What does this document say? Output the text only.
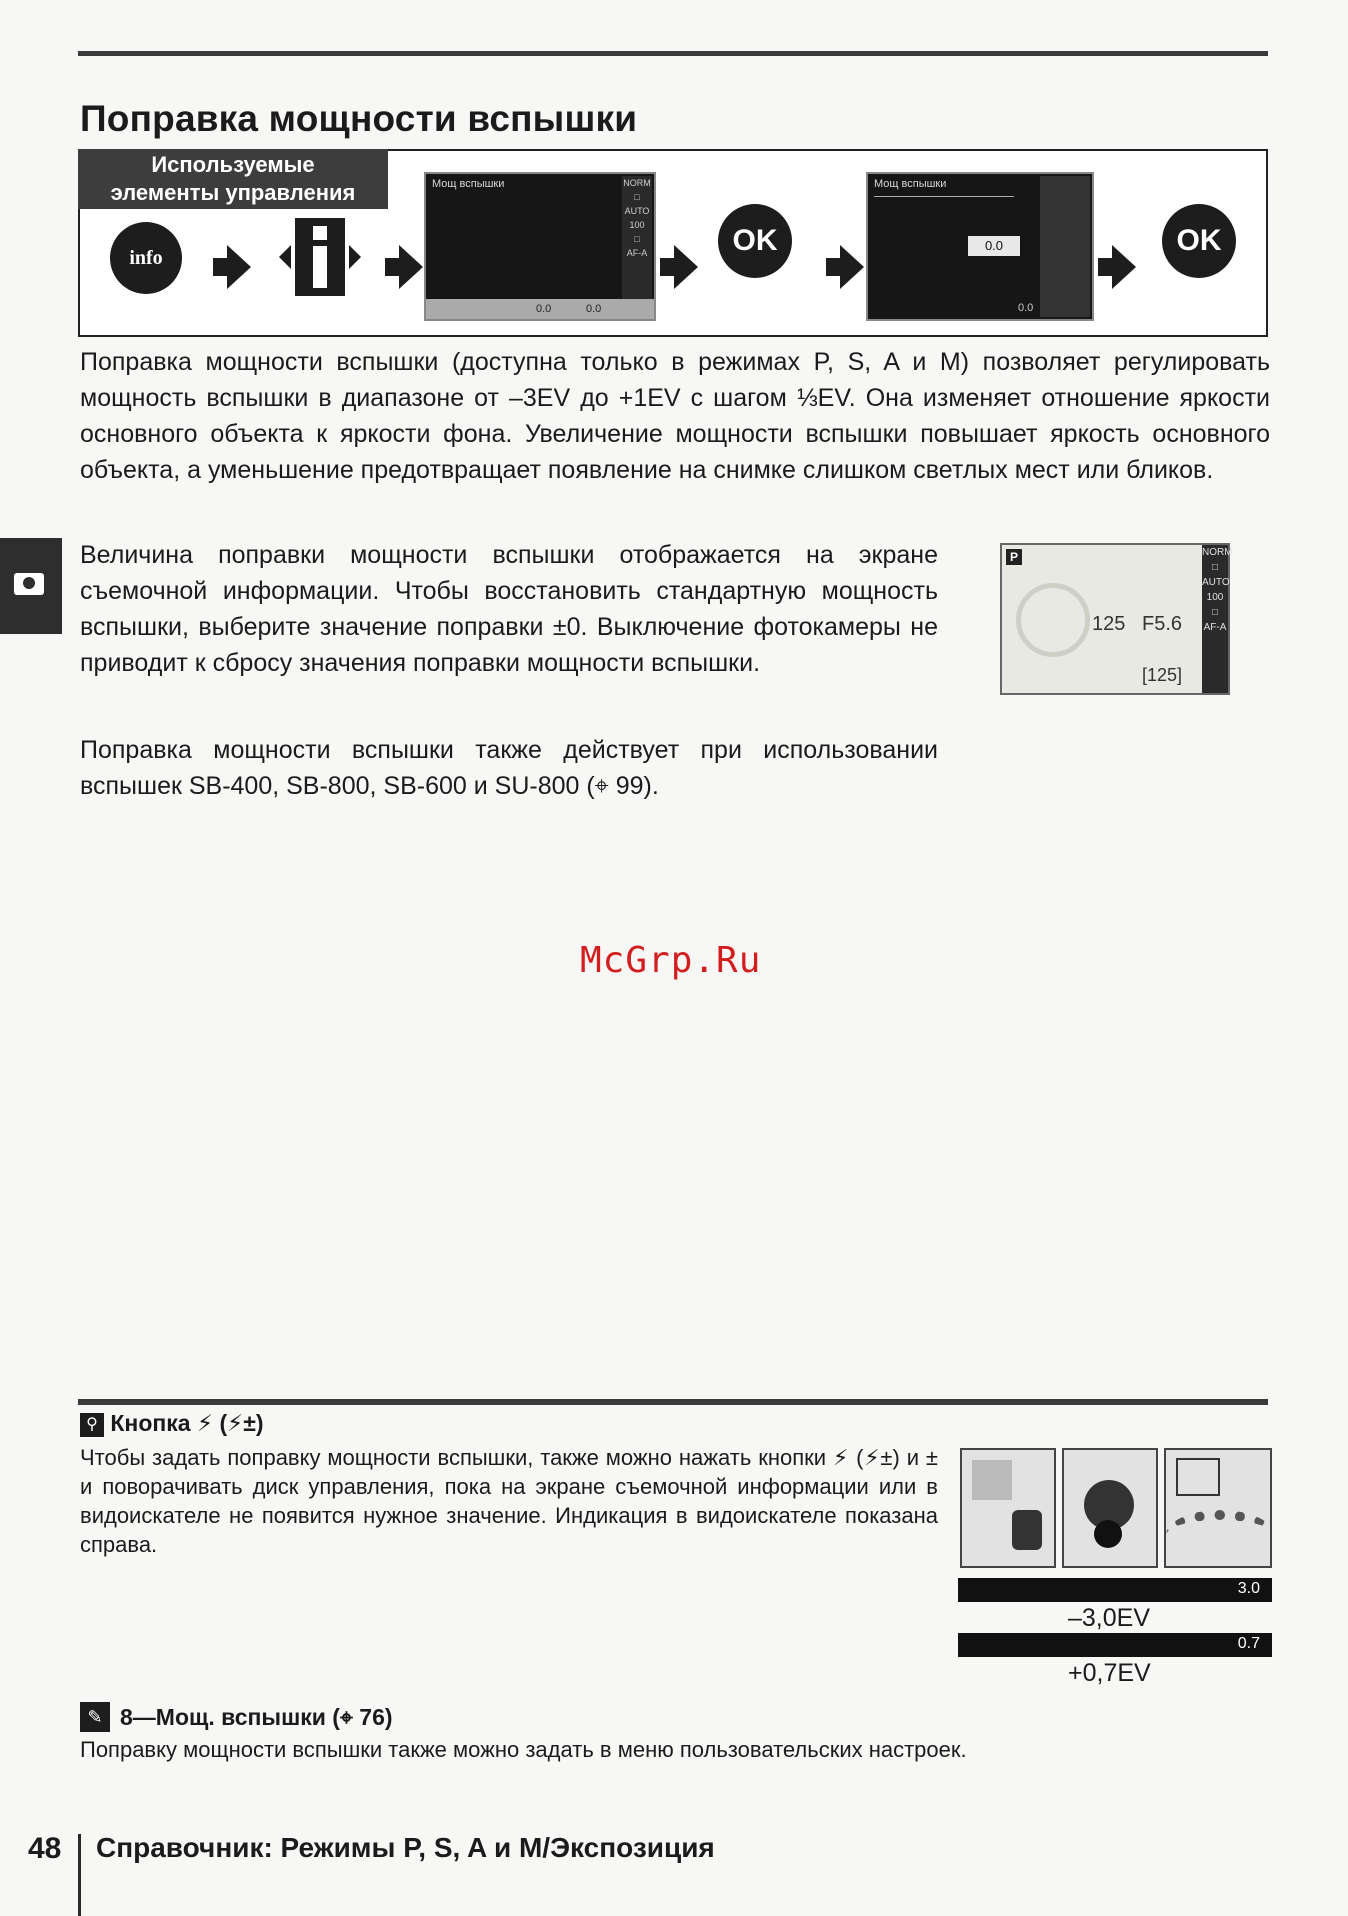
Поправка мощности вспышки
Используемые
элементы управления
info
Мощ вспышки	NORM
□
AUTO
100
□
AF-A
0.0	0.0
OK
Мощ вспышки
0.0
0.0
OK

Поправка мощности вспышки (доступна только в режимах P, S, A и M) позволяет регулировать мощность вспышки в диапазоне от –3EV до +1EV с шагом ⅓EV. Она изменяет отношение яркости основного объекта к яркости фона. Увеличение мощности вспышки повышает яркость основного объекта, а уменьшение предотвращает появление на снимке слишком светлых мест или бликов.

Величина поправки мощности вспышки отображается на экране съемочной информации. Чтобы восстановить стандартную мощность вспышки, выберите значение поправки ±0. Выключение фотокамеры не приводит к сбросу значения поправки мощности вспышки.

Поправка мощности вспышки также действует при использовании вспышек SB-400, SB-800, SB-600 и SU-800 (⌖ 99).

P
125 F5.6
[125]
NORM
□
AUTO
100
□
AF-A
McGrp.Ru
⚲ Кнопка ⚡ (⚡±)

Чтобы задать поправку мощности вспышки, также можно нажать кнопки ⚡ (⚡±) и ± и поворачивать диск управления, пока на экране съемочной информации или в видоискателе не появится нужное значение. Индикация в видоискателе показана справа.

3.0
–3,0EV
0.7
+0,7EV
✎ 8—Мощ. вспышки (⌖ 76)
Поправку мощности вспышки также можно задать в меню пользовательских настроек.
48 Справочник: Режимы P, S, A и M/Экспозиция
